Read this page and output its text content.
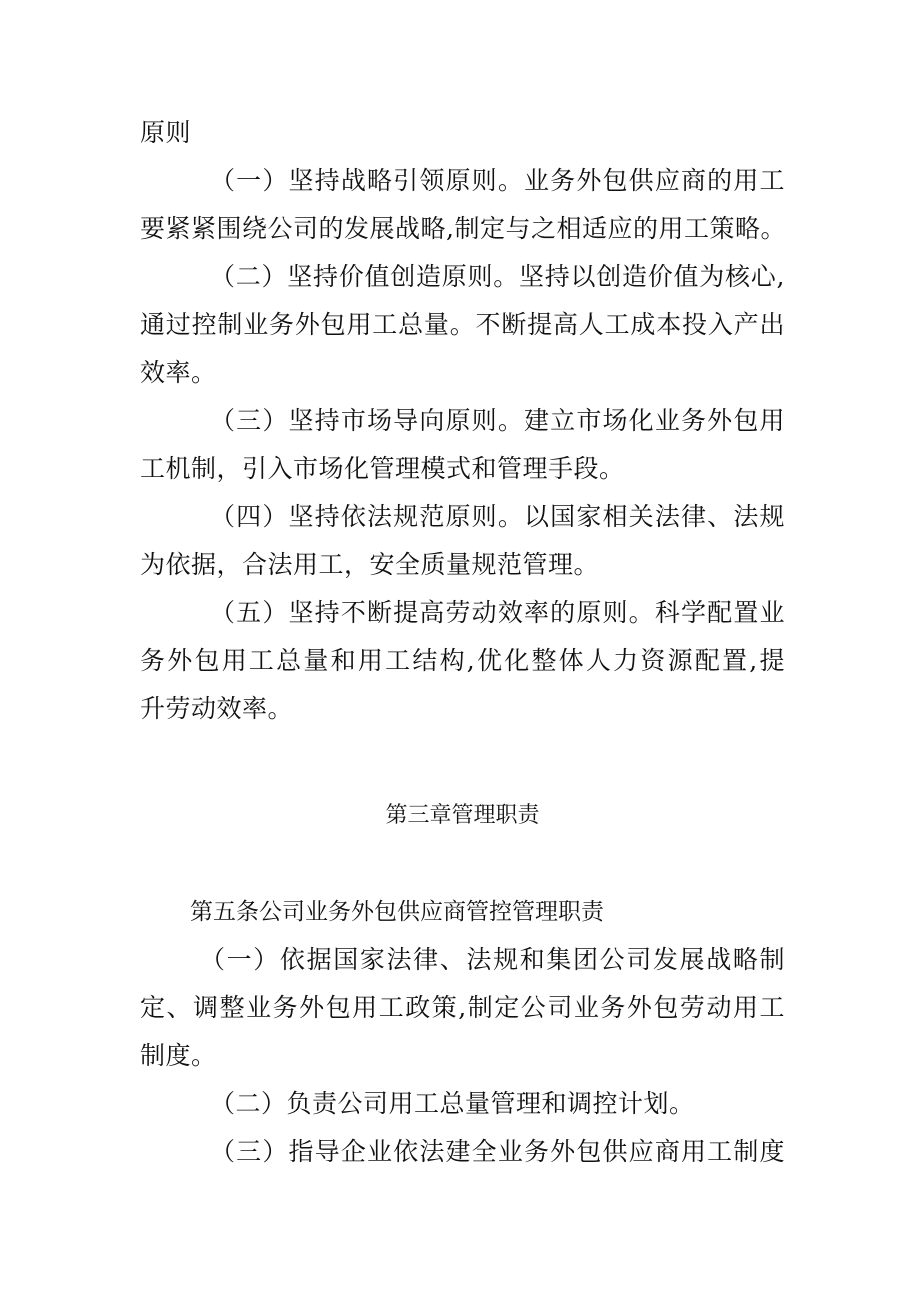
原则
（一）坚持战略引领原则。业务外包供应商的用工
要紧紧围绕公司的发展战略,制定与之相适应的用工策略。
（二）坚持价值创造原则。坚持以创造价值为核心,
通过控制业务外包用工总量。不断提高人工成本投入产出
效率。
（三）坚持市场导向原则。建立市场化业务外包用
工机制，引入市场化管理模式和管理手段。
（四）坚持依法规范原则。以国家相关法律、法规
为依据，合法用工，安全质量规范管理。
（五）坚持不断提高劳动效率的原则。科学配置业
务外包用工总量和用工结构,优化整体人力资源配置,提
升劳动效率。
第三章管理职责
第五条公司业务外包供应商管控管理职责
（一）依据国家法律、法规和集团公司发展战略制
定、调整业务外包用工政策,制定公司业务外包劳动用工
制度。
（二）负责公司用工总量管理和调控计划。
（三）指导企业依法建全业务外包供应商用工制度
